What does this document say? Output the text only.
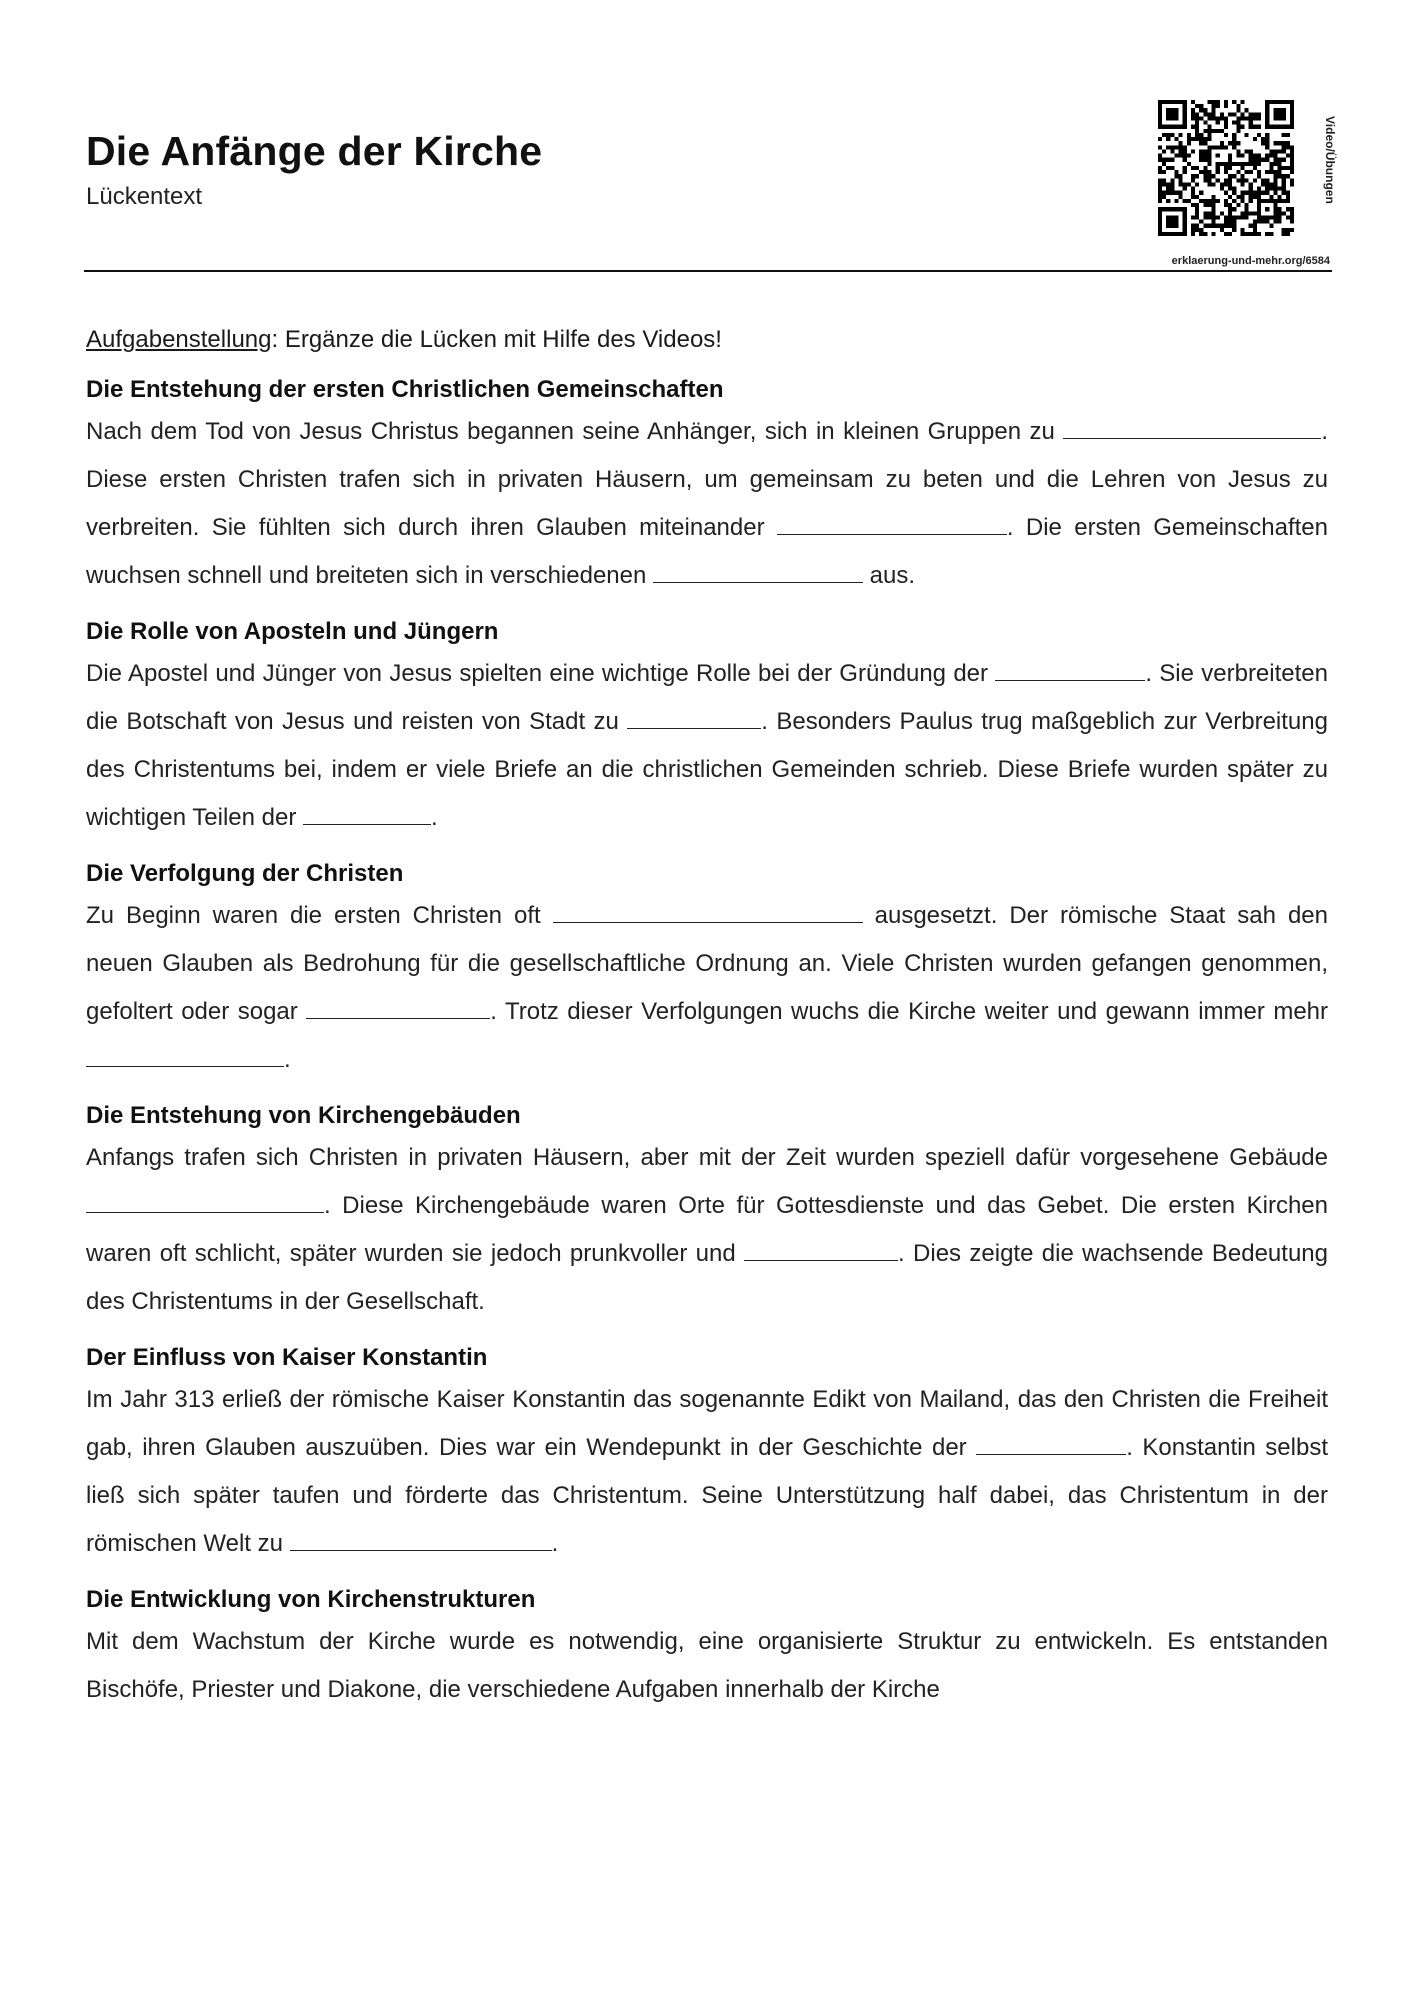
Die Anfänge der Kirche
Lückentext	Video/Übungen
erklaerung-und-mehr.org/6584

Aufgabenstellung: Ergänze die Lücken mit Hilfe des Videos!

Die Entstehung der ersten Christlichen Gemeinschaften

Nach dem Tod von Jesus Christus begannen seine Anhänger, sich in kleinen Gruppen zu	. Diese ersten Christen trafen sich in privaten Häusern, um gemeinsam zu beten und die Lehren von Jesus zu verbreiten. Sie fühlten sich durch ihren Glauben miteinander	. Die ersten Gemeinschaften wuchsen schnell und breiteten sich in verschiedenen	aus.

Die Rolle von Aposteln und Jüngern

Die Apostel und Jünger von Jesus spielten eine wichtige Rolle bei der Gründung der	. Sie verbreiteten die Botschaft von Jesus und reisten von Stadt zu	. Besonders Paulus trug maßgeblich zur Verbreitung des Christentums bei, indem er viele Briefe an die christlichen Gemeinden schrieb. Diese Briefe wurden später zu wichtigen Teilen der	.

Die Verfolgung der Christen

Zu Beginn waren die ersten Christen oft	ausgesetzt. Der römische Staat sah den neuen Glauben als Bedrohung für die gesellschaftliche Ordnung an. Viele Christen wurden gefangen genommen, gefoltert oder sogar	. Trotz dieser Verfolgungen wuchs die Kirche weiter und gewann immer mehr .

Die Entstehung von Kirchengebäuden

Anfangs trafen sich Christen in privaten Häusern, aber mit der Zeit wurden speziell dafür vorgesehene Gebäude . Diese Kirchengebäude waren Orte für Gottesdienste und das Gebet. Die ersten Kirchen waren oft schlicht, später wurden sie jedoch prunkvoller und	. Dies zeigte die wachsende Bedeutung des Christentums in der Gesellschaft.

Der Einfluss von Kaiser Konstantin

Im Jahr 313 erließ der römische Kaiser Konstantin das sogenannte Edikt von Mailand, das den Christen die Freiheit gab, ihren Glauben auszuüben. Dies war ein Wendepunkt in der Geschichte der	. Konstantin selbst ließ sich später taufen und förderte das Christentum. Seine Unterstützung half dabei, das Christentum in der römischen Welt zu	.

Die Entwicklung von Kirchenstrukturen

Mit dem Wachstum der Kirche wurde es notwendig, eine organisierte Struktur zu entwickeln. Es entstanden Bischöfe, Priester und Diakone, die verschiedene Aufgaben innerhalb der Kirche
